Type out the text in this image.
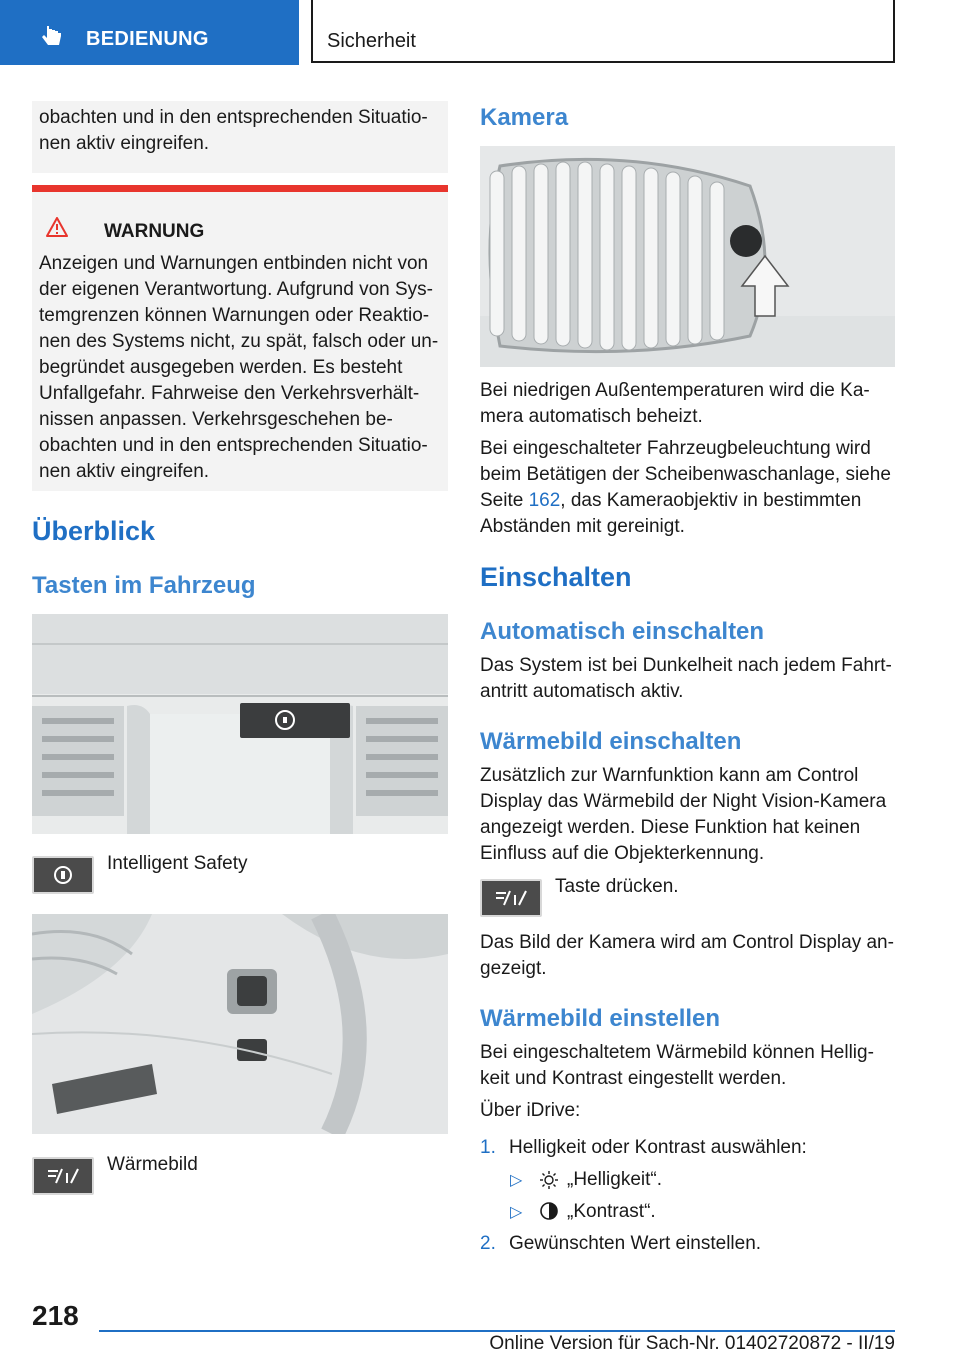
BEDIENUNG	Sicherheit
obachten und in den entsprechenden Situatio-
nen aktiv eingreifen.
WARNUNG
Anzeigen und Warnungen entbinden nicht von
der eigenen Verantwortung. Aufgrund von Sys-
temgrenzen können Warnungen oder Reaktio-
nen des Systems nicht, zu spät, falsch oder un-
begründet ausgegeben werden. Es besteht
Unfallgefahr. Fahrweise den Verkehrsverhält-
nissen anpassen. Verkehrsgeschehen be-
obachten und in den entsprechenden Situatio-
nen aktiv eingreifen.
Überblick
Tasten im Fahrzeug
Intelligent Safety
Wärmebild
Kamera
Bei niedrigen Außentemperaturen wird die Ka-
mera automatisch beheizt.
Bei eingeschalteter Fahrzeugbeleuchtung wird
beim Betätigen der Scheibenwaschanlage, siehe
Seite 162, das Kameraobjektiv in bestimmten
Abständen mit gereinigt.
Einschalten
Automatisch einschalten
Das System ist bei Dunkelheit nach jedem Fahrt-
antritt automatisch aktiv.
Wärmebild einschalten
Zusätzlich zur Warnfunktion kann am Control
Display das Wärmebild der Night Vision-Kamera
angezeigt werden. Diese Funktion hat keinen
Einfluss auf die Objekterkennung.
Taste drücken.
Das Bild der Kamera wird am Control Display an-
gezeigt.
Wärmebild einstellen
Bei eingeschaltetem Wärmebild können Hellig-
keit und Kontrast eingestellt werden.
Über iDrive:
1. Helligkeit oder Kontrast auswählen:
▷ „Helligkeit“.
▷ „Kontrast“.
2. Gewünschten Wert einstellen.
218
Online Version für Sach-Nr. 01402720872 - II/19
